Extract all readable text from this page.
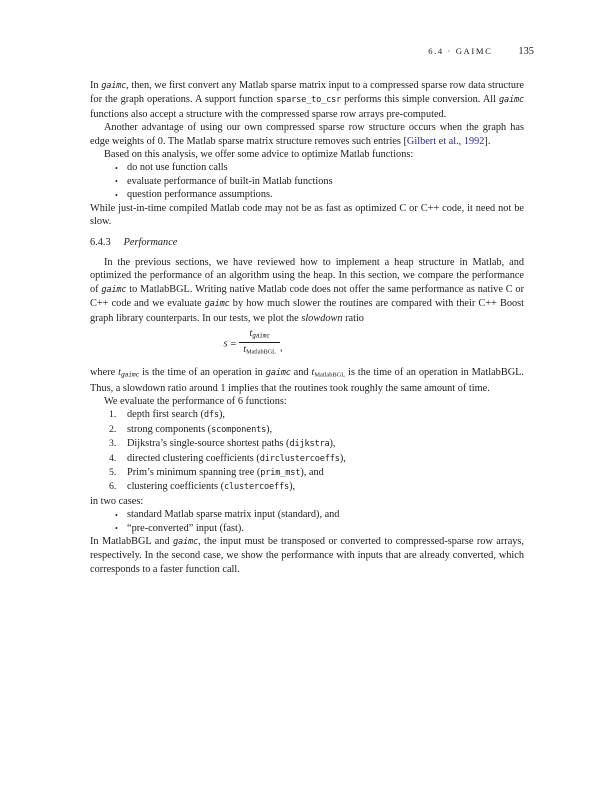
6.4 · GAIMC	135
In gaimc, then, we first convert any Matlab sparse matrix input to a compressed sparse row data structure for the graph operations. A support function sparse_to_csr performs this simple conversion. All gaimc functions also accept a structure with the compressed sparse row arrays pre-computed.
Another advantage of using our own compressed sparse row structure occurs when the graph has edge weights of 0. The Matlab sparse matrix structure removes such entries [Gilbert et al., 1992].
Based on this analysis, we offer some advice to optimize Matlab functions:
• do not use function calls
• evaluate performance of built-in Matlab functions
• question performance assumptions.
While just-in-time compiled Matlab code may not be as fast as optimized C or C++ code, it need not be slow.
6.4.3 Performance
In the previous sections, we have reviewed how to implement a heap structure in Matlab, and optimized the performance of an algorithm using the heap. In this section, we compare the performance of gaimc to MatlabBGL. Writing native Matlab code does not offer the same performance as native C or C++ code and we evaluate gaimc by how much slower the routines are compared with their C++ Boost graph library counterparts. In our tests, we plot the slowdown ratio
$s = \frac{t_{gaimc}}{t_{MatlabBGL}}$ ,
where $t_{gaimc}$ is the time of an operation in gaimc and $t_{MatlabBGL}$ is the time of an operation in MatlabBGL. Thus, a slowdown ratio around 1 implies that the routines took roughly the same amount of time.
We evaluate the performance of 6 functions:
1. depth first search (dfs),
2. strong components (scomponents),
3. Dijkstra’s single-source shortest paths (dijkstra),
4. directed clustering coefficients (dirclustercoeffs),
5. Prim’s minimum spanning tree (prim_mst), and
6. clustering coefficients (clustercoeffs),
in two cases:
• standard Matlab sparse matrix input (standard), and
• “pre-converted” input (fast).
In MatlabBGL and gaimc, the input must be transposed or converted to compressed-sparse row arrays, respectively. In the second case, we show the performance with inputs that are already converted, which corresponds to a faster function call.
